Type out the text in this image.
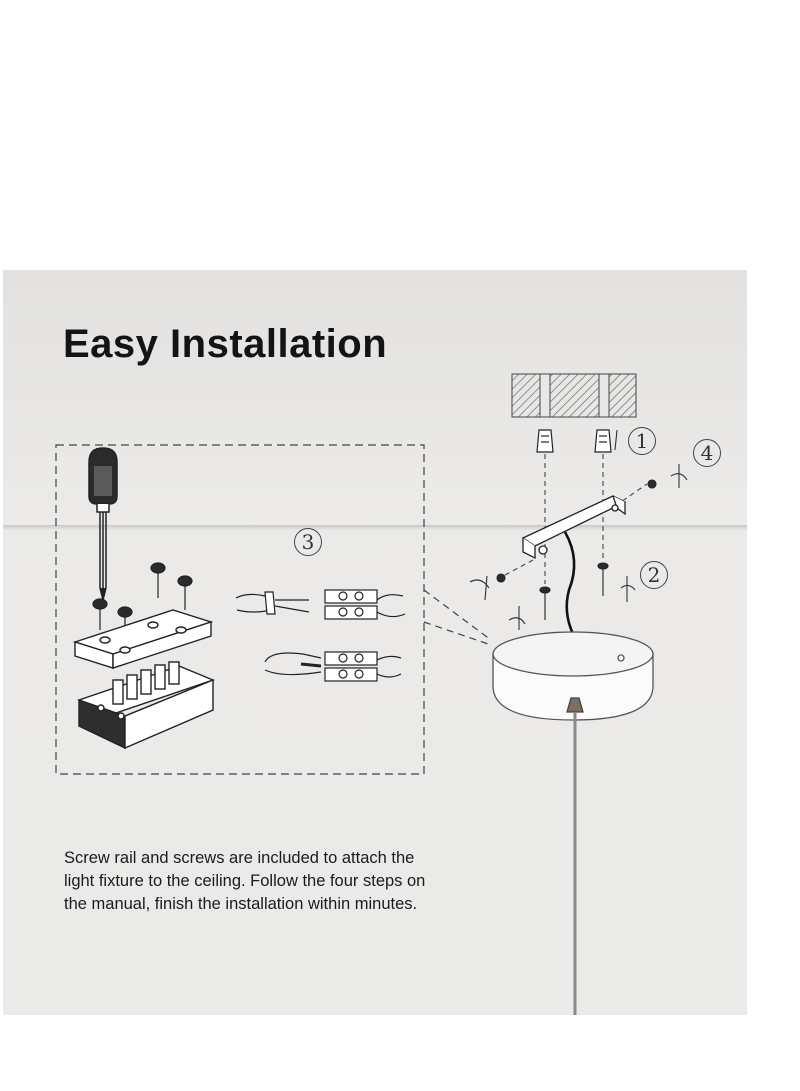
Easy Installation
3
1	4
2
Screw rail and screws are included to attach the light fixture to the ceiling. Follow the four steps on the manual, finish the installation within minutes.
